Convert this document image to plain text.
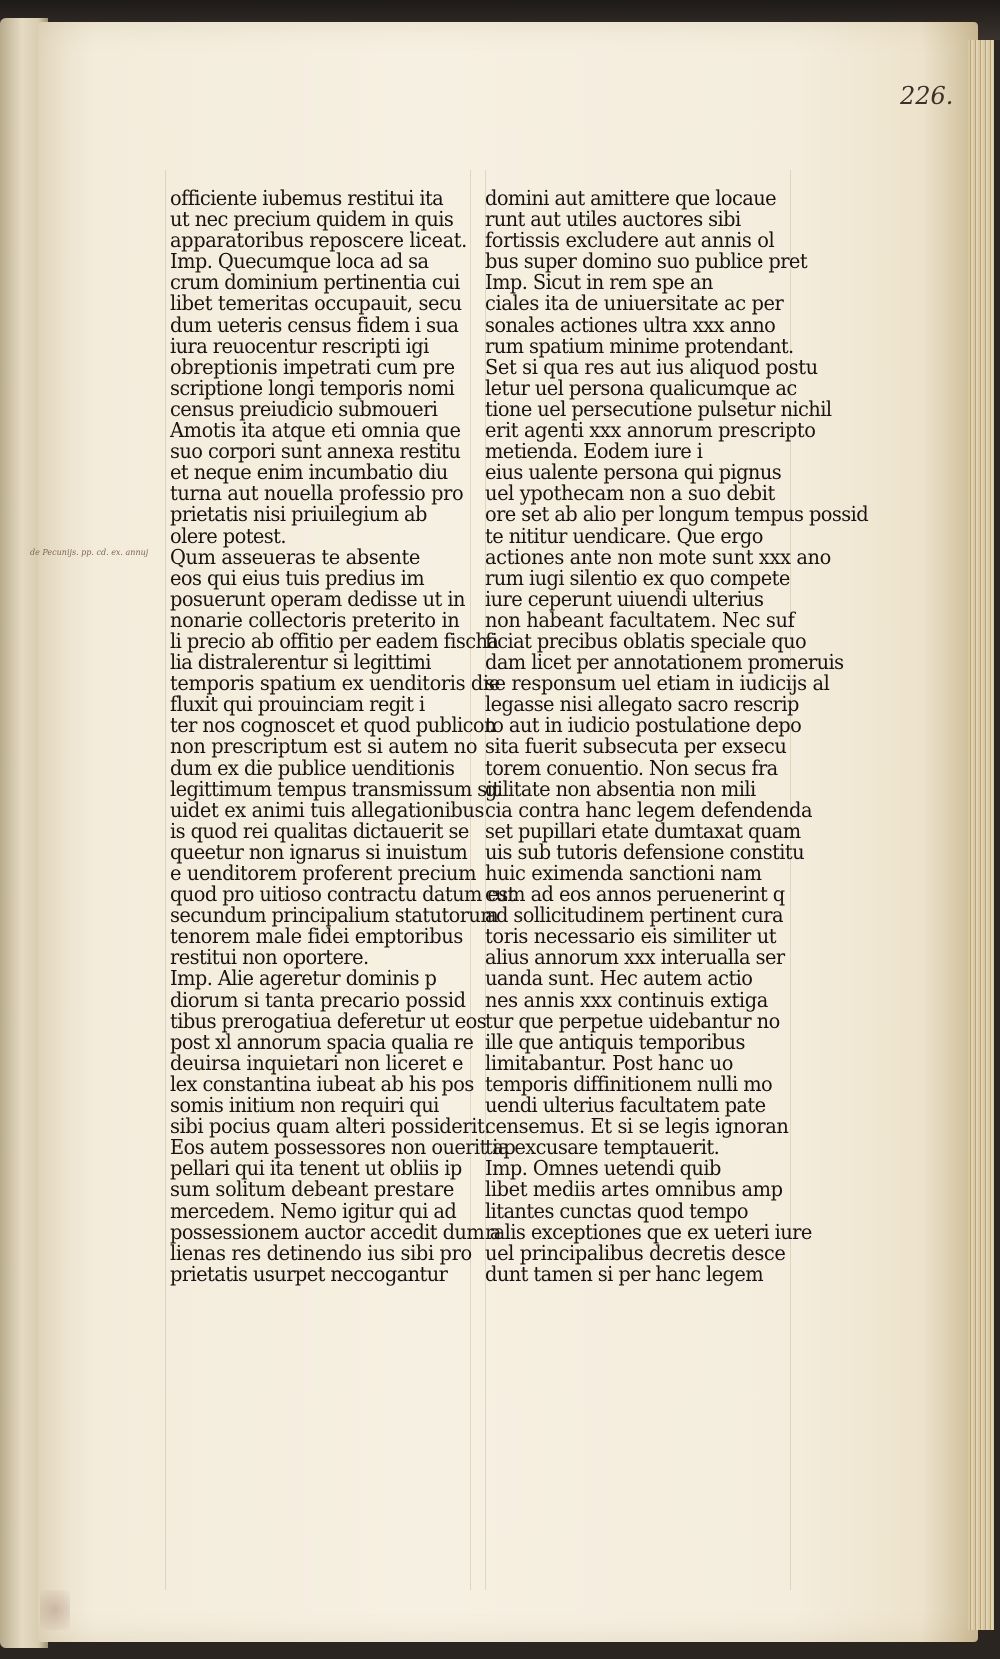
226.
de Pecunijs. pp. cd. ex. annuj
officiente iubemus restitui ita
ut nec precium quidem in quis
apparatoribus reposcere liceat.
Imp. Quecumque loca ad sa
crum dominium pertinentia cui
libet temeritas occupauit, secu
dum ueteris census fidem i sua
iura reuocentur rescripti igi
obreptionis impetrati cum pre
scriptione longi temporis nomi
census preiudicio submoueri
Amotis ita atque eti omnia que
suo corpori sunt annexa restitu
et neque enim incumbatio diu
turna aut nouella professio pro
prietatis nisi priuilegium ab
olere potest.
Qum asseueras te absente
eos qui eius tuis predius im
posuerunt operam dedisse ut in
nonarie collectoris preterito in
li precio ab offitio per eadem fischa
lia distralerentur si legittimi
temporis spatium ex uenditoris die
fluxit qui prouinciam regit i
ter nos cognoscet et quod publicon
non prescriptum est si autem no
dum ex die publice uenditionis
legittimum tempus transmissum sit
uidet ex animi tuis allegationibus
is quod rei qualitas dictauerit se
queetur non ignarus si inuistum
e uenditorem proferent precium
quod pro uitioso contractu datum est
secundum principalium statutorum
tenorem male fidei emptoribus
restitui non oportere.
Imp. Alie ageretur dominis p
diorum si tanta precario possid
tibus prerogatiua deferetur ut eos
post xl annorum spacia qualia re
deuirsa inquietari non liceret e
lex constantina iubeat ab his pos
somis initium non requiri qui
sibi pocius quam alteri possiderit.
Eos autem possessores non ouerit ap
pellari qui ita tenent ut obliis ip
sum solitum debeant prestare
mercedem. Nemo igitur qui ad
possessionem auctor accedit dum a
lienas res detinendo ius sibi pro
prietatis usurpet neccogantur
domini aut amittere que locaue
runt aut utiles auctores sibi
fortissis excludere aut annis ol
bus super domino suo publice pret
Imp. Sicut in rem spe an
ciales ita de uniuersitate ac per
sonales actiones ultra xxx anno
rum spatium minime protendant.
Set si qua res aut ius aliquod postu
letur uel persona qualicumque ac
tione uel persecutione pulsetur nichil
erit agenti xxx annorum prescripto
metienda. Eodem iure i
eius ualente persona qui pignus
uel ypothecam non a suo debit
ore set ab alio per longum tempus possid
te nititur uendicare. Que ergo
actiones ante non mote sunt xxx ano
rum iugi silentio ex quo compete
iure ceperunt uiuendi ulterius
non habeant facultatem. Nec suf
ficiat precibus oblatis speciale quo
dam licet per annotationem promeruis
se responsum uel etiam in iudicijs al
legasse nisi allegato sacro rescrip
to aut in iudicio postulatione depo
sita fuerit subsecuta per exsecu
torem conuentio. Non secus fra
gilitate non absentia non mili
cia contra hanc legem defendenda
set pupillari etate dumtaxat quam
uis sub tutoris defensione constitu
huic eximenda sanctioni nam
cum ad eos annos peruenerint q
ad sollicitudinem pertinent cura
toris necessario eis similiter ut
alius annorum xxx interualla ser
uanda sunt. Hec autem actio
nes annis xxx continuis extiga
tur que perpetue uidebantur no
ille que antiquis temporibus
limitabantur. Post hanc uo
temporis diffinitionem nulli mo
uendi ulterius facultatem pate
censemus. Et si se legis ignoran
tia excusare temptauerit.
Imp. Omnes uetendi quib
libet mediis artes omnibus amp
litantes cunctas quod tempo
ralis exceptiones que ex ueteri iure
uel principalibus decretis desce
dunt tamen si per hanc legem
